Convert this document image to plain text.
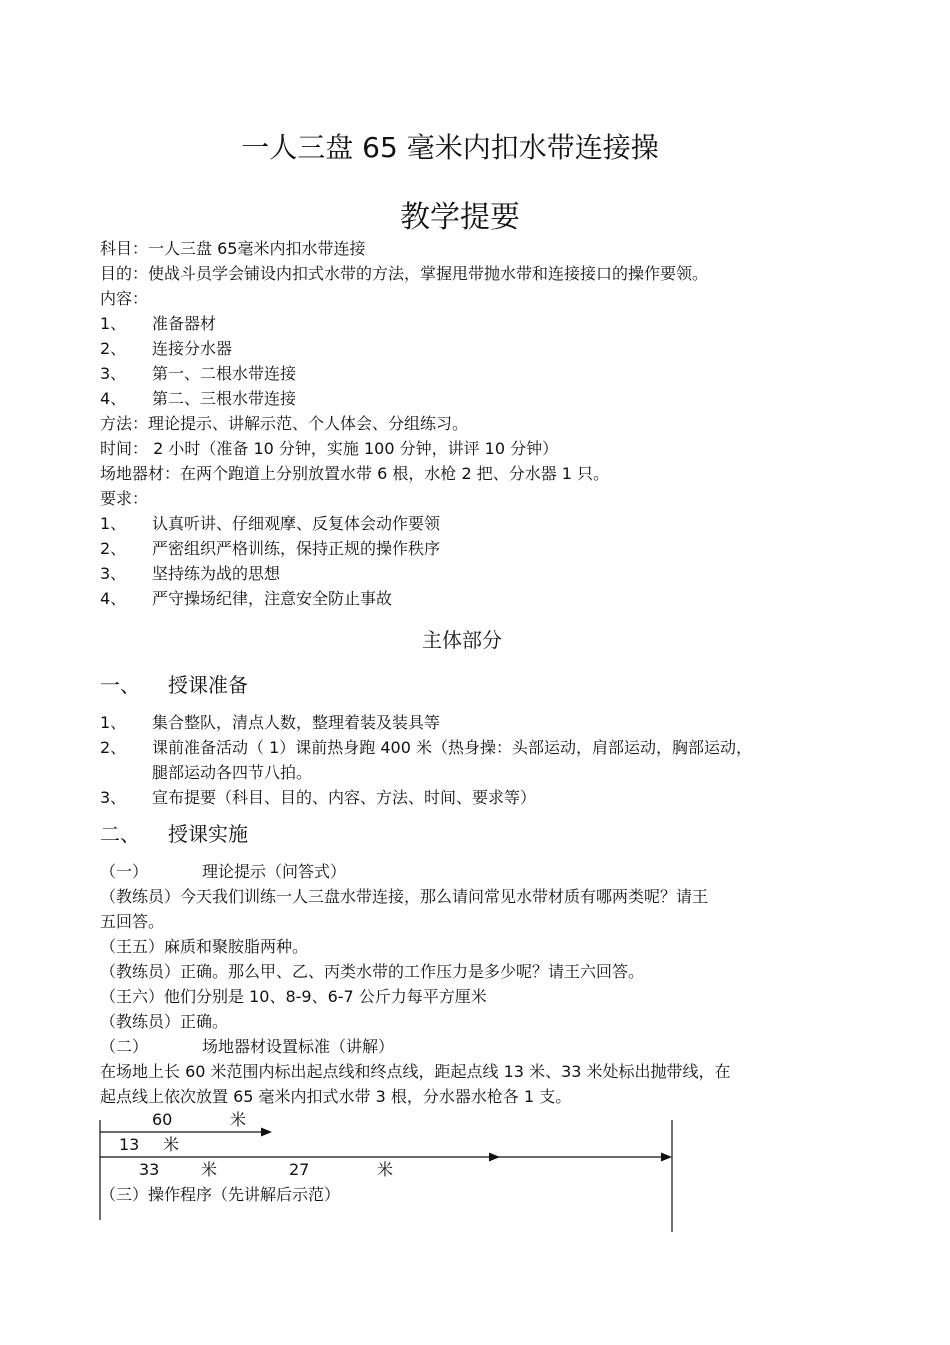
一人三盘 65 毫米内扣水带连接操
教学提要
科目：一人三盘 65毫米内扣水带连接
目的：使战斗员学会铺设内扣式水带的方法，掌握甩带抛水带和连接接口的操作要领。
内容：
1、 准备器材
2、 连接分水器
3、 第一、二根水带连接
4、 第二、三根水带连接
方法：理论提示、讲解示范、个人体会、分组练习。
时间： 2 小时（准备 10 分钟，实施 100 分钟，讲评 10 分钟）
场地器材：在两个跑道上分别放置水带 6 根，水枪 2 把、分水器 1 只。
要求：
1、 认真听讲、仔细观摩、反复体会动作要领
2、 严密组织严格训练，保持正规的操作秩序
3、 坚持练为战的思想
4、 严守操场纪律，注意安全防止事故
主体部分
一、 授课准备
1、 集合整队，清点人数，整理着装及装具等
2、 课前准备活动（ 1）课前热身跑 400 米（热身操：头部运动，肩部运动，胸部运动，
腿部运动各四节八拍。
3、 宣布提要（科目、目的、内容、方法、时间、要求等）
二、 授课实施
（一）	理论提示（问答式）
（教练员）今天我们训练一人三盘水带连接，那么请问常见水带材质有哪两类呢？请王
五回答。
（王五）麻质和聚胺脂两种。
（教练员）正确。那么甲、乙、丙类水带的工作压力是多少呢？请王六回答。
（王六）他们分别是 10、8-9、6-7 公斤力每平方厘米
（教练员）正确。
（二）	场地器材设置标准（讲解）
在场地上长 60 米范围内标出起点线和终点线，距起点线 13 米、33 米处标出抛带线，在
起点线上依次放置 65 毫米内扣式水带 3 根，分水器水枪各 1 支。
60	米
13 米
33	米	27	米
（三）操作程序（先讲解后示范）
